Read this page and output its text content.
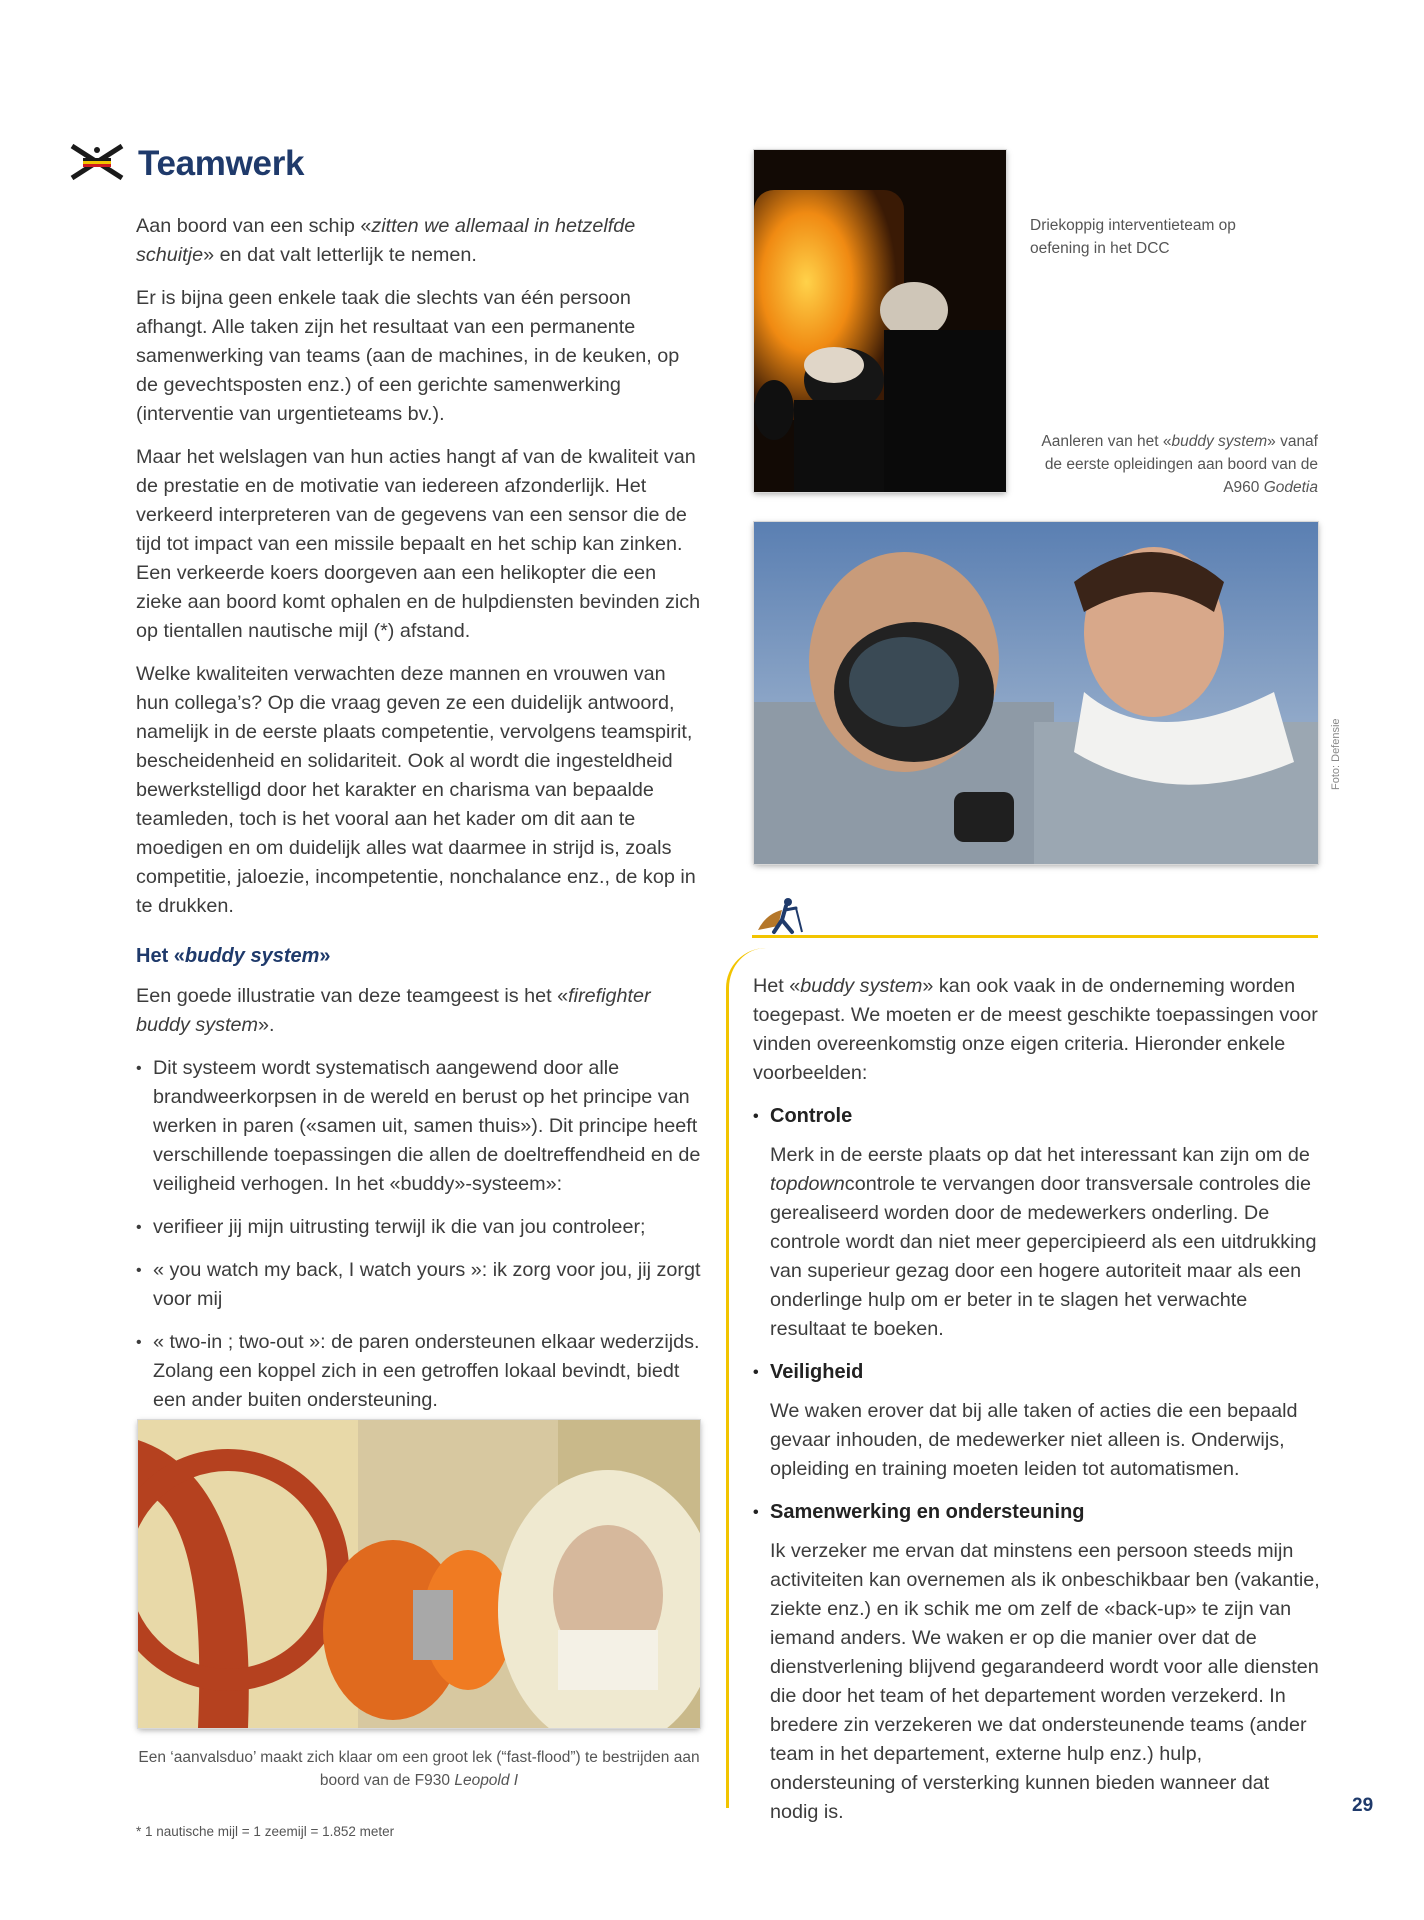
Teamwerk

Aan boord van een schip «zitten we allemaal in hetzelfde schuitje» en dat valt letterlijk te nemen.

Er is bijna geen enkele taak die slechts van één persoon afhangt. Alle taken zijn het resultaat van een permanente samenwerking van teams (aan de machines, in de keuken, op de gevechtsposten enz.) of een gerichte samenwerking (interventie van urgentieteams bv.).

Maar het welslagen van hun acties hangt af van de kwaliteit van de prestatie en de motivatie van iedereen afzonderlijk. Het verkeerd interpreteren van de gegevens van een sensor die de tijd tot impact van een missile bepaalt en het schip kan zinken. Een verkeerde koers doorgeven aan een helikopter die een zieke aan boord komt ophalen en de hulpdiensten bevinden zich op tientallen nautische mijl (*) afstand.

Welke kwaliteiten verwachten deze mannen en vrouwen van hun collega’s? Op die vraag geven ze een duidelijk antwoord, namelijk in de eerste plaats competentie, vervolgens teamspirit, bescheidenheid en solidariteit. Ook al wordt die ingesteldheid bewerkstelligd door het karakter en charisma van bepaalde teamleden, toch is het vooral aan het kader om dit aan te moedigen en om duidelijk alles wat daarmee in strijd is, zoals competitie, jaloezie, incompetentie, nonchalance enz., de kop in te drukken.

Het «buddy system»

Een goede illustratie van deze teamgeest is het «firefighter buddy system».

• Dit systeem wordt systematisch aangewend door alle brandweerkorpsen in de wereld en berust op het principe van werken in paren («samen uit, samen thuis»). Dit principe heeft verschillende toepassingen die allen de doeltreffendheid en de veiligheid verhogen. In het «buddy»-systeem»:
• verifieer jij mijn uitrusting terwijl ik die van jou controleer;
• « you watch my back, I watch yours »: ik zorg voor jou, jij zorgt voor mij
• « two-in ; two-out »: de paren ondersteunen elkaar wederzijds. Zolang een koppel zich in een getroffen lokaal bevindt, biedt een ander buiten ondersteuning.
Een ‘aanvalsduo’ maakt zich klaar om een groot lek (“fast-flood”) te bestrijden aan boord van de F930 Leopold I
* 1 nautische mijl = 1 zeemijl = 1.852 meter
Driekoppig interventieteam op oefening in het DCC
Aanleren van het «buddy system» vanaf de eerste opleidingen aan boord van de A960 Godetia
Foto: Defensie

Het «buddy system» kan ook vaak in de onderneming worden toegepast. We moeten er de meest geschikte toepassingen voor vinden overeenkomstig onze eigen criteria. Hieronder enkele voorbeelden:

• Controle

Merk in de eerste plaats op dat het interessant kan zijn om de topdowncontrole te vervangen door transversale controles die gerealiseerd worden door de medewerkers onderling. De controle wordt dan niet meer gepercipieerd als een uitdrukking van superieur gezag door een hogere autoriteit maar als een onderlinge hulp om er beter in te slagen het verwachte resultaat te boeken.

• Veiligheid

We waken erover dat bij alle taken of acties die een bepaald gevaar inhouden, de medewerker niet alleen is. Onderwijs, opleiding en training moeten leiden tot automatismen.

• Samenwerking en ondersteuning

Ik verzeker me ervan dat minstens een persoon steeds mijn activiteiten kan overnemen als ik onbeschikbaar ben (vakantie, ziekte enz.) en ik schik me om zelf de «back-up» te zijn van iemand anders. We waken er op die manier over dat de dienstverlening blijvend gegarandeerd wordt voor alle diensten die door het team of het departement worden verzekerd. In bredere zin verzekeren we dat ondersteunende teams (ander team in het departement, externe hulp enz.) hulp, ondersteuning of versterking kunnen bieden wanneer dat nodig is.	29
